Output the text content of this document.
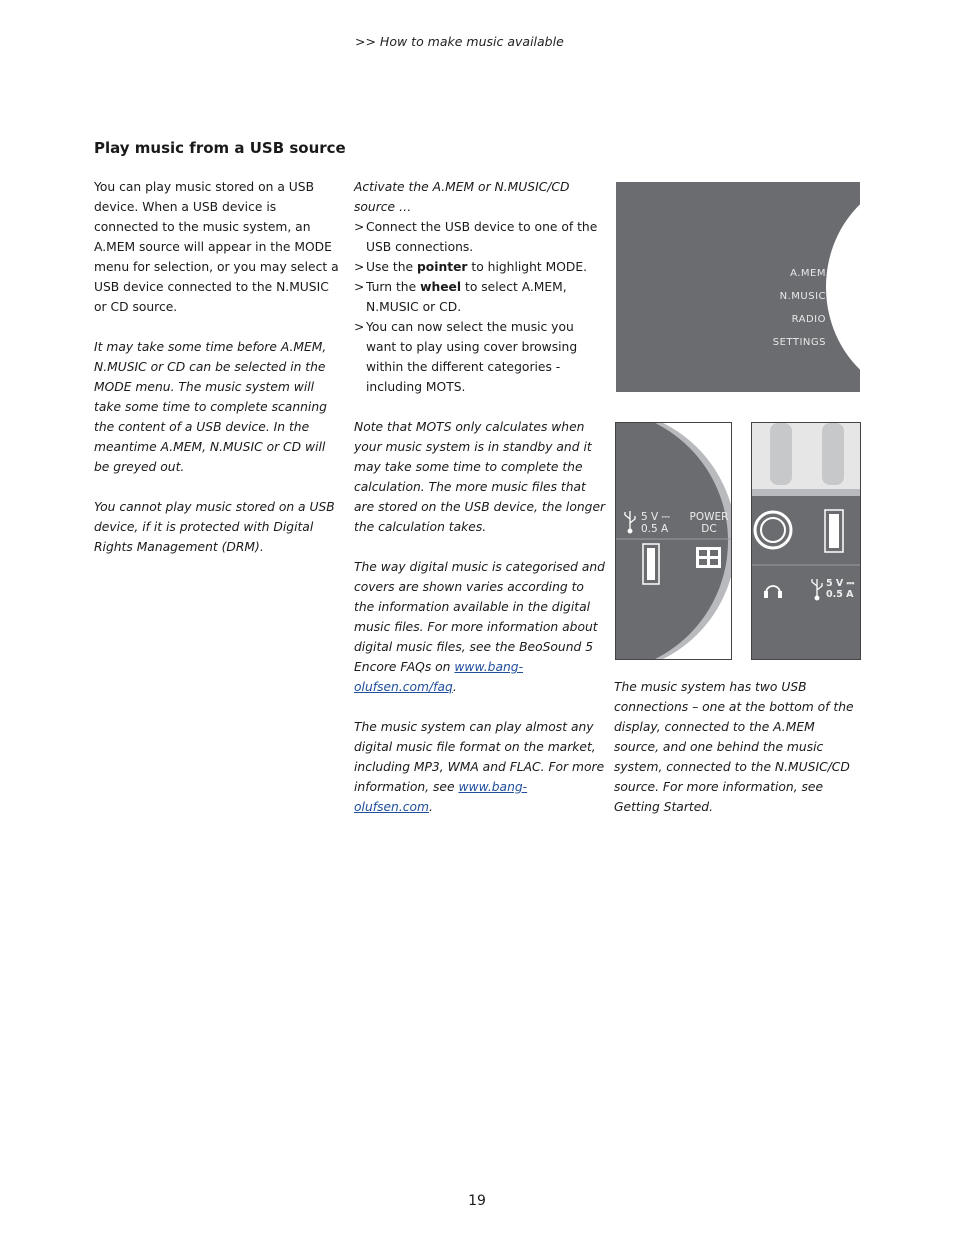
>> How to make music available
Play music from a USB source

You can play music stored on a USB device. When a USB device is connected to the music system, an A.MEM source will appear in the MODE menu for selection, or you may select a USB device connected to the N.MUSIC or CD source.

It may take some time before A.MEM, N.MUSIC or CD can be selected in the MODE menu. The music system will take some time to complete scanning the content of a USB device. In the meantime A.MEM, N.MUSIC or CD will be greyed out.

You cannot play music stored on a USB device, if it is protected with Digital Rights Management (DRM).

Activate the A.MEM or N.MUSIC/CD source …
> Connect the USB device to one of the USB connections.
> Use the pointer to highlight MODE.
> Turn the wheel to select A.MEM, N.MUSIC or CD.
> You can now select the music you want to play using cover browsing within the different categories - including MOTS.

Note that MOTS only calculates when your music system is in standby and it may take some time to complete the calculation. The more music files that are stored on the USB device, the longer the calculation takes.

The way digital music is categorised and covers are shown varies according to the information available in the digital music files. For more information about digital music files, see the BeoSound 5 Encore FAQs on www.bang-olufsen.com/faq.

The music system can play almost any digital music file format on the market, including MP3, WMA and FLAC. For more information, see www.bang-olufsen.com.

A.MEM
N.MUSIC
RADIO
SETTINGS
5 V ⎓
0.5 A
POWER
DC
5 V ⎓
0.5 A
The music system has two USB connections – one at the bottom of the display, connected to the A.MEM source, and one behind the music system, connected to the N.MUSIC/CD source. For more information, see Getting Started.
19
